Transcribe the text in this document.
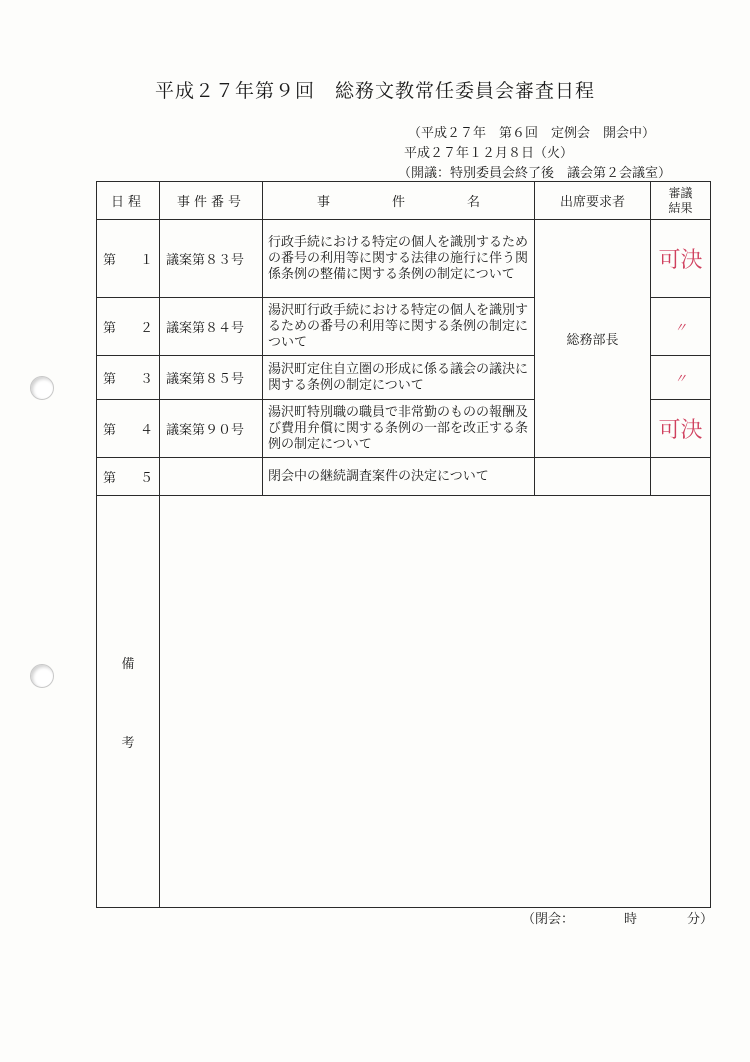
平成２７年第９回　総務文教常任委員会審査日程
（平成２７年　第６回　定例会　開会中）
平成２７年１２月８日（火）
（開議：特別委員会終了後　議会第２会議室）
日程	事件番号	事 件 名	出席要求者	審議
結果
第 １	議案第８３号	行政手続における特定の個人を識別するための番号の利用等に関する法律の施行に伴う関係条例の整備に関する条例の制定について	総務部長	可決
第 ２	議案第８４号	湯沢町行政手続における特定の個人を識別するための番号の利用等に関する条例の制定について		〃
第 ３	議案第８５号	湯沢町定住自立圏の形成に係る議会の議決に関する条例の制定について		〃
第 ４	議案第９０号	湯沢町特別職の職員で非常勤のものの報酬及び費用弁償に関する条例の一部を改正する条例の制定について		可決
第 ５		閉会中の継続調査案件の決定について		

備
考				

（閉会：	時	分）
